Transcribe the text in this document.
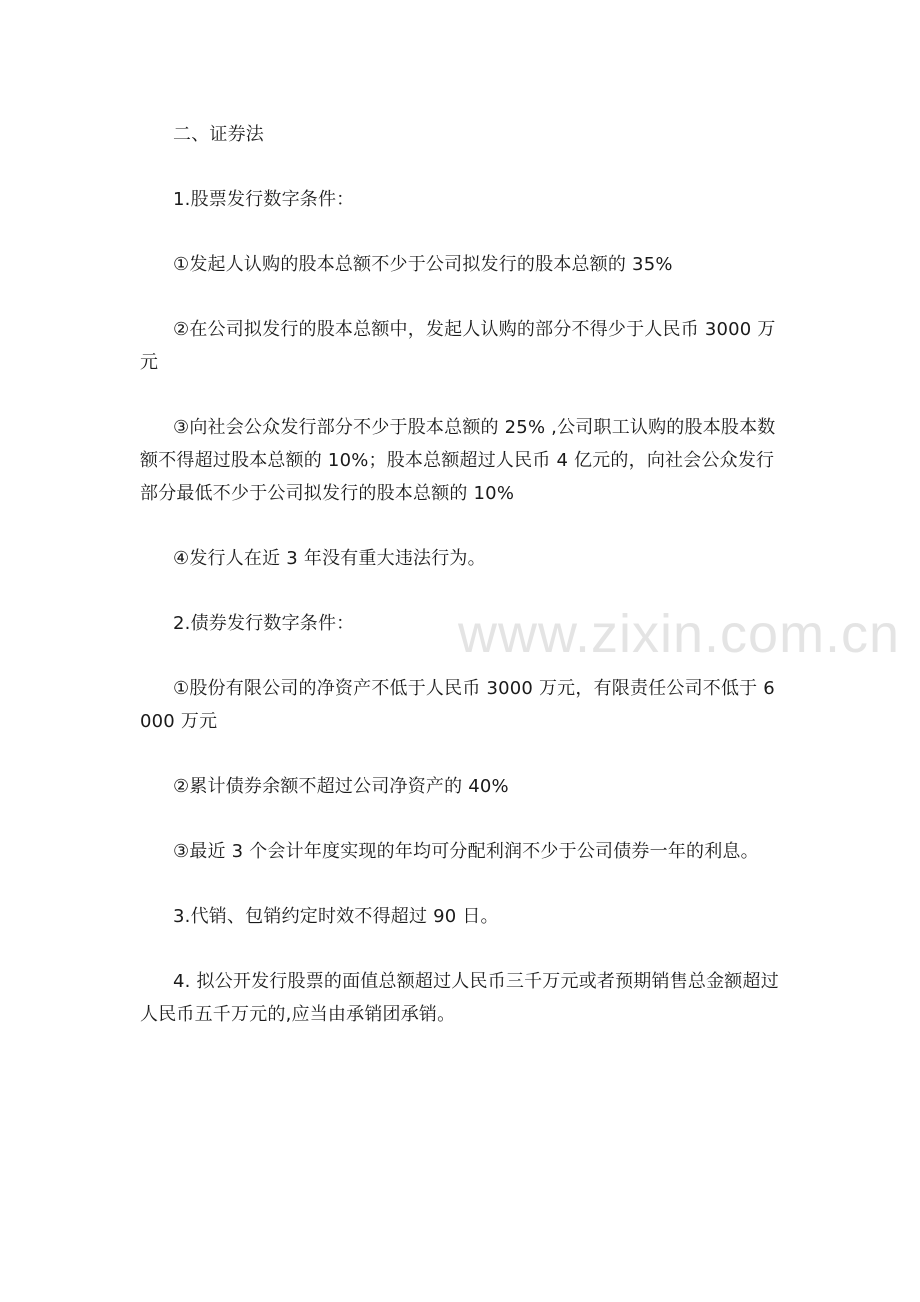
二、证券法

1.股票发行数字条件：

①发起人认购的股本总额不少于公司拟发行的股本总额的 35%

②在公司拟发行的股本总额中，发起人认购的部分不得少于人民币 3000 万元

③向社会公众发行部分不少于股本总额的 25% ,公司职工认购的股本股本数额不得超过股本总额的 10%；股本总额超过人民币 4 亿元的，向社会公众发行部分最低不少于公司拟发行的股本总额的 10%

④发行人在近 3 年没有重大违法行为。

2.债券发行数字条件：

①股份有限公司的净资产不低于人民币 3000 万元，有限责任公司不低于 6000 万元

②累计债券余额不超过公司净资产的 40%

③最近 3 个会计年度实现的年均可分配利润不少于公司债券一年的利息。

3.代销、包销约定时效不得超过 90 日。

4. 拟公开发行股票的面值总额超过人民币三千万元或者预期销售总金额超过人民币五千万元的,应当由承销团承销。

www.zixin.com.cn
